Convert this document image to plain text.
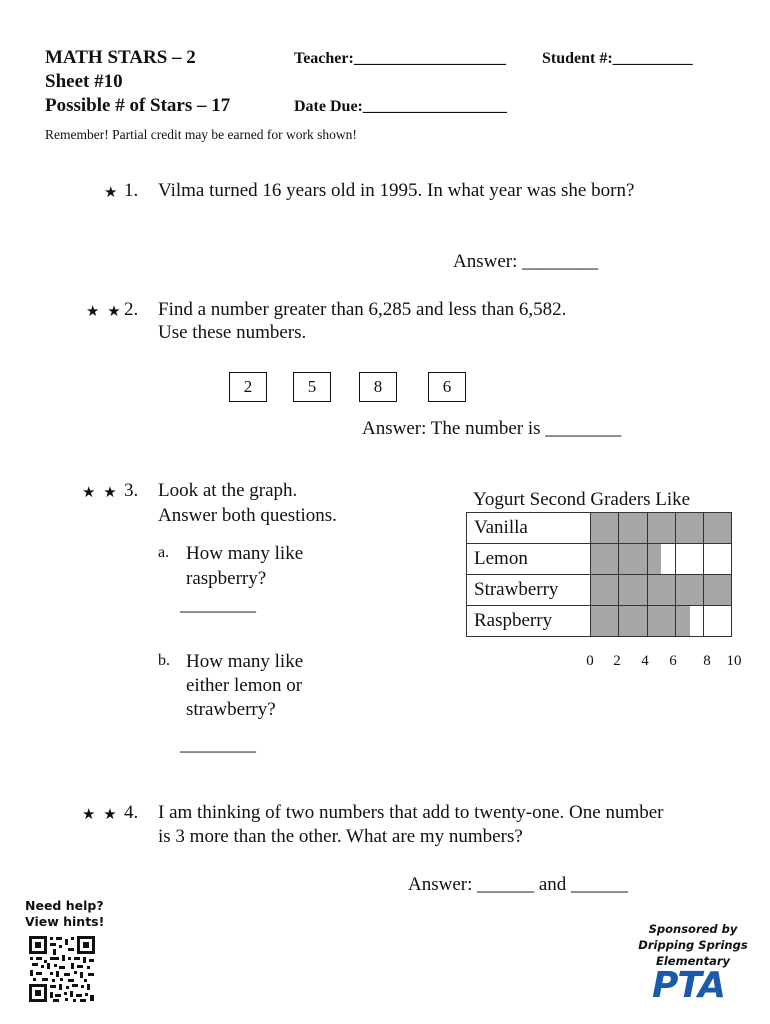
MATH STARS – 2
Sheet #10
Possible # of Stars – 17
Teacher:___________________ Student #:__________
Date Due:__________________
Remember! Partial credit may be earned for work shown!
★ 1. Vilma turned 16 years old in 1995. In what year was she born?
Answer: ________
★ ★ 2. Find a number greater than 6,285 and less than 6,582.
Use these numbers.
2	5	8	6
Answer: The number is ________
★ ★ 3. Look at the graph.
Answer both questions.
a. How many like
raspberry?
________
b. How many like
either lemon or
strawberry?
________
Yogurt Second Graders Like
Vanilla	

Lemon	

Strawberry	

Raspberry	

0 2 4 6 8 10
★ ★ 4. I am thinking of two numbers that add to twenty-one. One number
is 3 more than the other. What are my numbers?
Answer: ______ and ______
Need help?
View hints!	Sponsored by
Dripping Springs
Elementary
PTA
